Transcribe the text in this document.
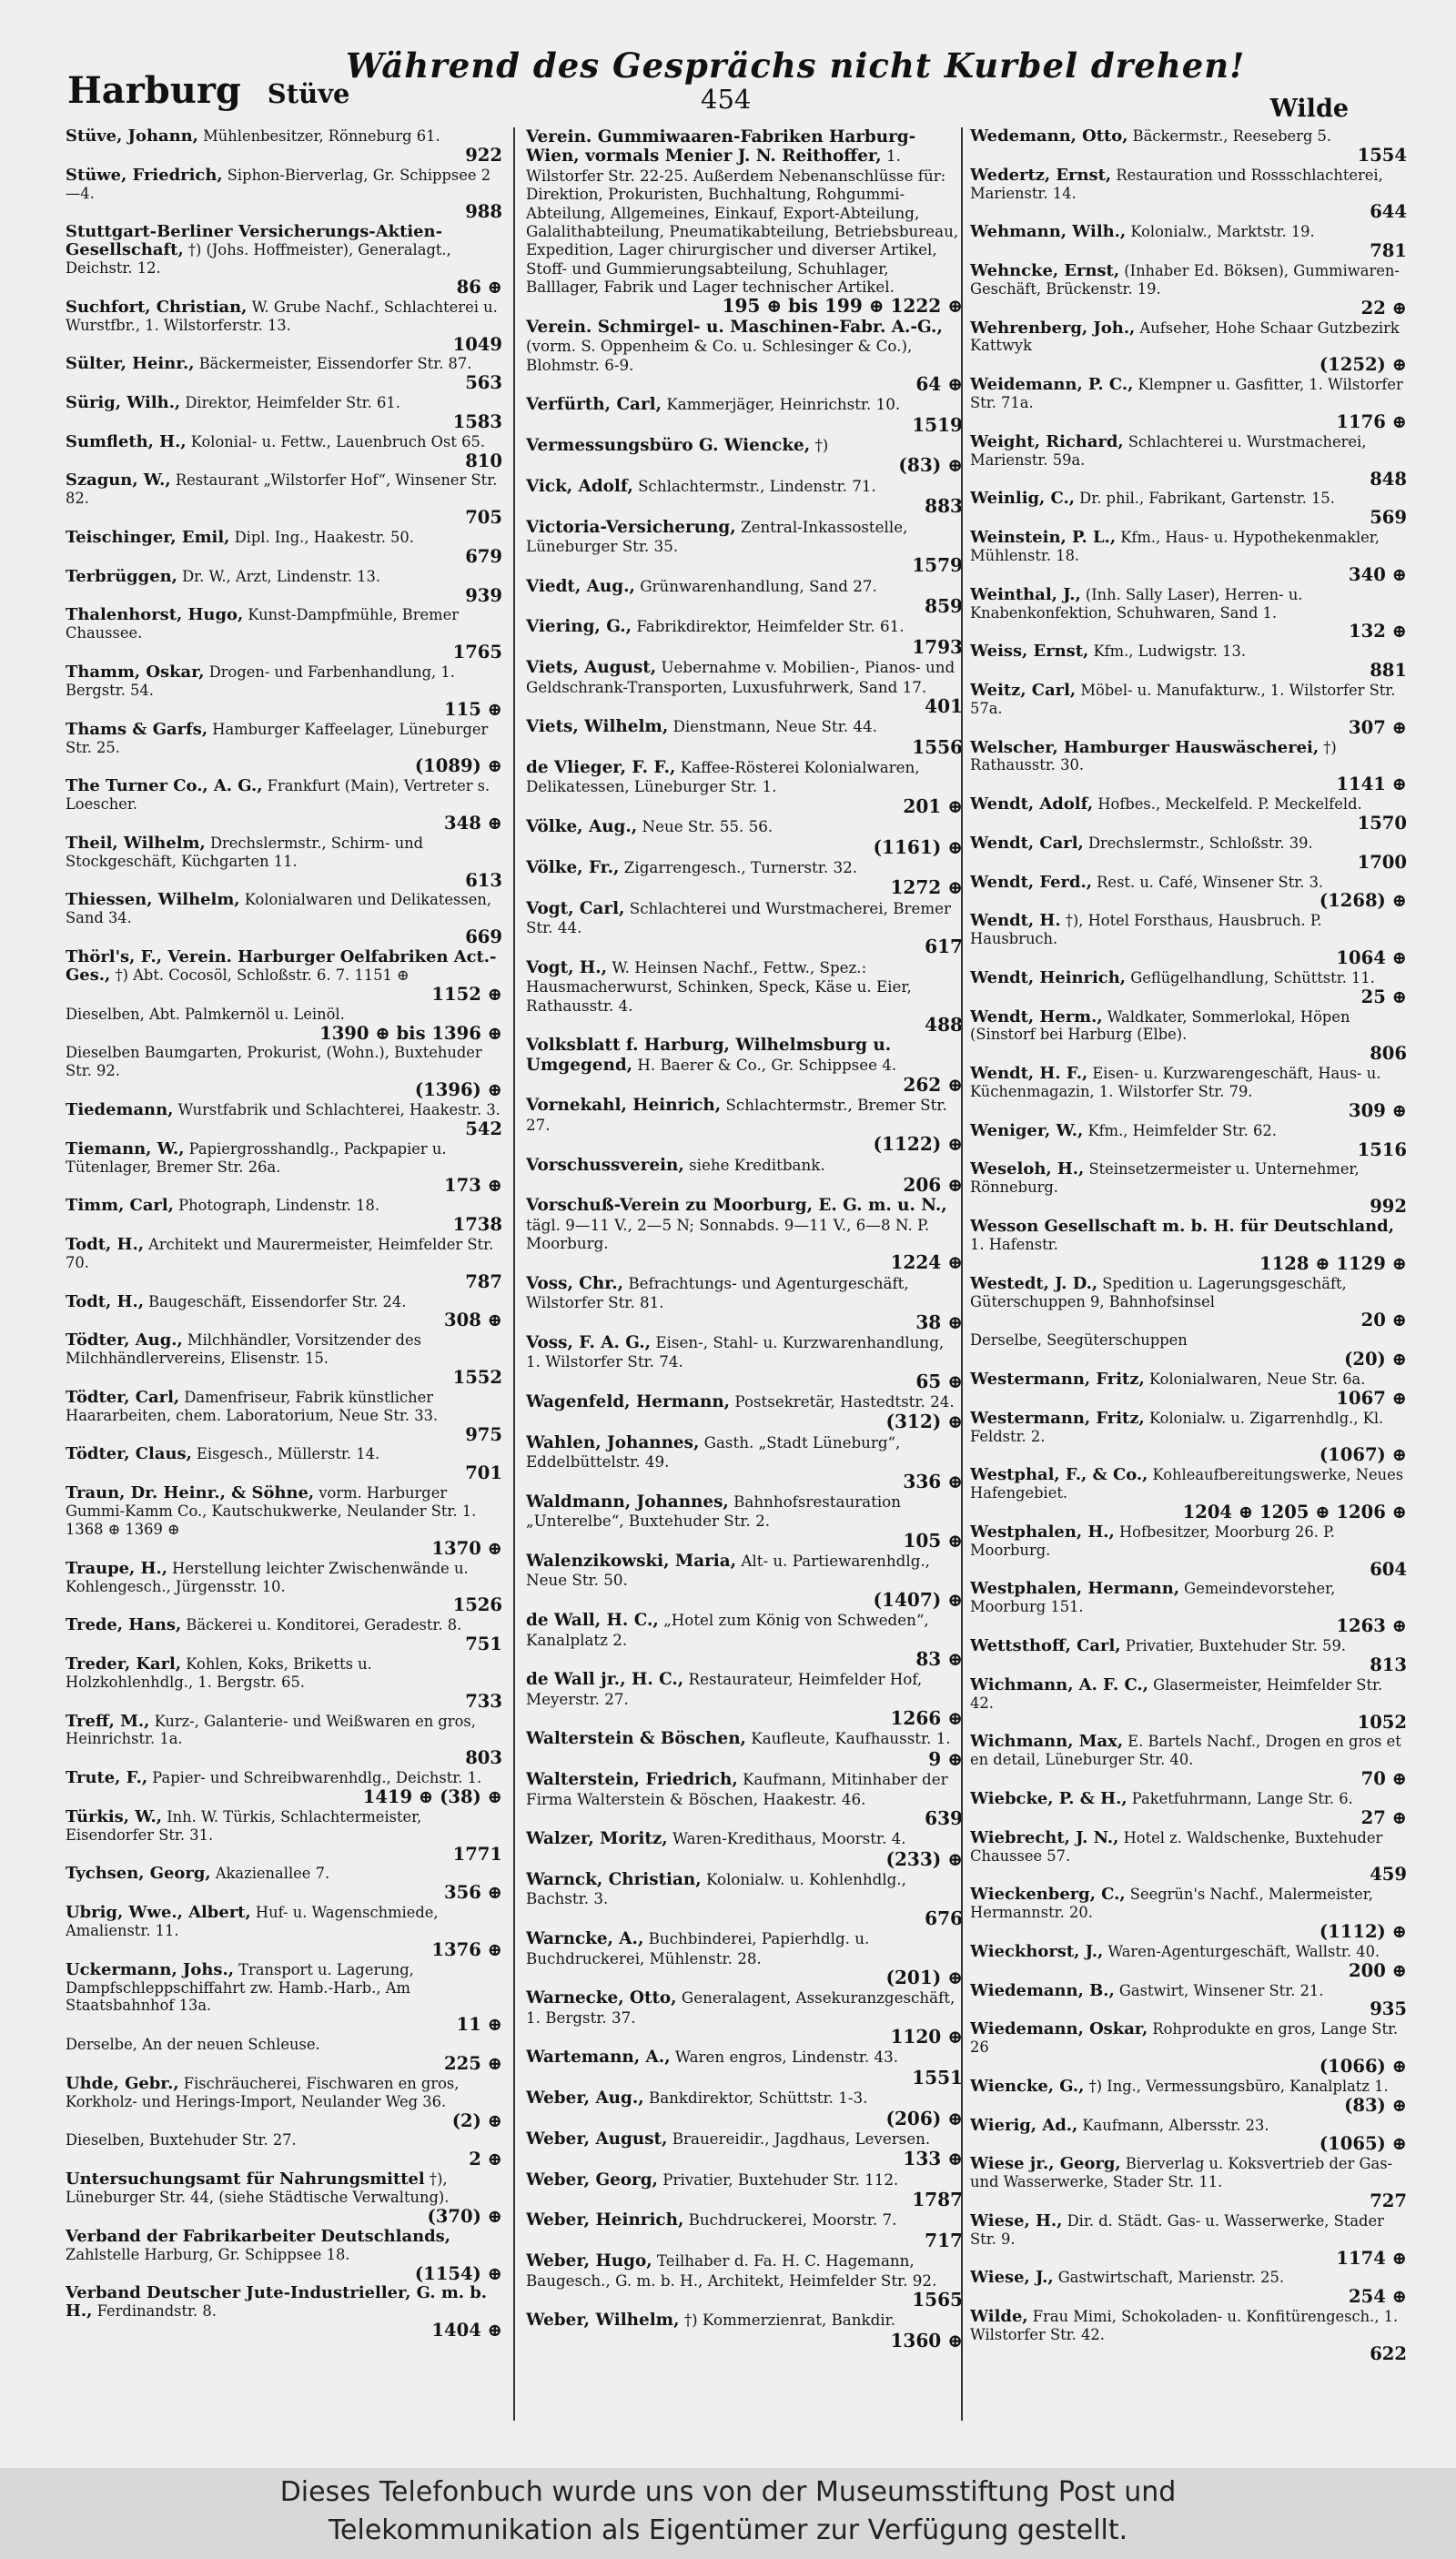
Harburg Stüve
Während des Gesprächs nicht Kurbel drehen!
454	Wilde

Stüve, Johann, Mühlenbesitzer, Rönneburg 61.
922

Stüwe, Friedrich, Siphon-Bierverlag, Gr. Schippsee 2—4.
988

Stuttgart-Berliner Versicherungs-Aktien-Gesellschaft, †) (Johs. Hoffmeister), Generalagt., Deichstr. 12.
86 ⊕

Suchfort, Christian, W. Grube Nachf., Schlachterei u. Wurstfbr., 1. Wilstorferstr. 13.
1049

Sülter, Heinr., Bäckermeister, Eissendorfer Str. 87.
563

Sürig, Wilh., Direktor, Heimfelder Str. 61.
1583

Sumfleth, H., Kolonial- u. Fettw., Lauenbruch Ost 65.
810

Szagun, W., Restaurant „Wilstorfer Hof“, Winsener Str. 82.
705

Teischinger, Emil, Dipl. Ing., Haakestr. 50.
679

Terbrüggen, Dr. W., Arzt, Lindenstr. 13.
939

Thalenhorst, Hugo, Kunst-Dampfmühle, Bremer Chaussee.
1765

Thamm, Oskar, Drogen- und Farbenhandlung, 1. Bergstr. 54.
115 ⊕

Thams & Garfs, Hamburger Kaffeelager, Lüneburger Str. 25.
(1089) ⊕

The Turner Co., A. G., Frankfurt (Main), Vertreter s. Loescher.
348 ⊕

Theil, Wilhelm, Drechslermstr., Schirm- und Stockgeschäft, Küchgarten 11.
613

Thiessen, Wilhelm, Kolonialwaren und Delikatessen, Sand 34.
669

Thörl's, F., Verein. Harburger Oelfabriken Act.-Ges., †) Abt. Cocosöl, Schloßstr. 6. 7. 1151 ⊕
1152 ⊕

Dieselben, Abt. Palmkernöl u. Leinöl.
1390 ⊕ bis 1396 ⊕

Dieselben Baumgarten, Prokurist, (Wohn.), Buxtehuder Str. 92.
(1396) ⊕

Tiedemann, Wurstfabrik und Schlachterei, Haakestr. 3.
542

Tiemann, W., Papiergrosshandlg., Packpapier u. Tütenlager, Bremer Str. 26a.
173 ⊕

Timm, Carl, Photograph, Lindenstr. 18.
1738

Todt, H., Architekt und Maurermeister, Heimfelder Str. 70.
787

Todt, H., Baugeschäft, Eissendorfer Str. 24.
308 ⊕

Tödter, Aug., Milchhändler, Vorsitzender des Milchhändlervereins, Elisenstr. 15.
1552

Tödter, Carl, Damenfriseur, Fabrik künstlicher Haararbeiten, chem. Laboratorium, Neue Str. 33.
975

Tödter, Claus, Eisgesch., Müllerstr. 14.
701

Traun, Dr. Heinr., & Söhne, vorm. Harburger Gummi-Kamm Co., Kautschukwerke, Neulander Str. 1. 1368 ⊕ 1369 ⊕
1370 ⊕

Traupe, H., Herstellung leichter Zwischenwände u. Kohlengesch., Jürgensstr. 10.
1526

Trede, Hans, Bäckerei u. Konditorei, Geradestr. 8.
751

Treder, Karl, Kohlen, Koks, Briketts u. Holzkohlenhdlg., 1. Bergstr. 65.
733

Treff, M., Kurz-, Galanterie- und Weißwaren en gros, Heinrichstr. 1a.
803

Trute, F., Papier- und Schreibwarenhdlg., Deichstr. 1.
1419 ⊕ (38) ⊕

Türkis, W., Inh. W. Türkis, Schlachtermeister, Eisendorfer Str. 31.
1771

Tychsen, Georg, Akazienallee 7.
356 ⊕

Ubrig, Wwe., Albert, Huf- u. Wagenschmiede, Amalienstr. 11.
1376 ⊕

Uckermann, Johs., Transport u. Lagerung, Dampfschleppschiffahrt zw. Hamb.-Harb., Am Staatsbahnhof 13a.
11 ⊕

Derselbe, An der neuen Schleuse.
225 ⊕

Uhde, Gebr., Fischräucherei, Fischwaren en gros, Korkholz- und Herings-Import, Neulander Weg 36.
(2) ⊕

Dieselben, Buxtehuder Str. 27.
2 ⊕

Untersuchungsamt für Nahrungsmittel †), Lüneburger Str. 44, (siehe Städtische Verwaltung).
(370) ⊕

Verband der Fabrikarbeiter Deutschlands, Zahlstelle Harburg, Gr. Schippsee 18.
(1154) ⊕

Verband Deutscher Jute-Industrieller, G. m. b. H., Ferdinandstr. 8.
1404 ⊕

Verein. Gummiwaaren-Fabriken Harburg-Wien, vormals Menier J. N. Reithoffer, 1. Wilstorfer Str. 22-25. Außerdem Nebenanschlüsse für: Direktion, Prokuristen, Buchhaltung, Rohgummi-Abteilung, Allgemeines, Einkauf, Export-Abteilung, Galalithabteilung, Pneumatikabteilung, Betriebsbureau, Expedition, Lager chirurgischer und diverser Artikel, Stoff- und Gummierungsabteilung, Schuhlager, Balllager, Fabrik und Lager technischer Artikel.
195 ⊕ bis 199 ⊕ 1222 ⊕

Verein. Schmirgel- u. Maschinen-Fabr. A.-G., (vorm. S. Oppenheim & Co. u. Schlesinger & Co.), Blohmstr. 6-9.
64 ⊕

Verfürth, Carl, Kammerjäger, Heinrichstr. 10.
1519

Vermessungsbüro G. Wiencke, †)
(83) ⊕

Vick, Adolf, Schlachtermstr., Lindenstr. 71.
883

Victoria-Versicherung, Zentral-Inkassostelle, Lüneburger Str. 35.
1579

Viedt, Aug., Grünwarenhandlung, Sand 27.
859

Viering, G., Fabrikdirektor, Heimfelder Str. 61.
1793

Viets, August, Uebernahme v. Mobilien-, Pianos- und Geldschrank-Transporten, Luxusfuhrwerk, Sand 17.
401

Viets, Wilhelm, Dienstmann, Neue Str. 44.
1556

de Vlieger, F. F., Kaffee-Rösterei Kolonialwaren, Delikatessen, Lüneburger Str. 1.
201 ⊕

Völke, Aug., Neue Str. 55. 56.
(1161) ⊕

Völke, Fr., Zigarrengesch., Turnerstr. 32.
1272 ⊕

Vogt, Carl, Schlachterei und Wurstmacherei, Bremer Str. 44.
617

Vogt, H., W. Heinsen Nachf., Fettw., Spez.: Hausmacherwurst, Schinken, Speck, Käse u. Eier, Rathausstr. 4.
488

Volksblatt f. Harburg, Wilhelmsburg u. Umgegend, H. Baerer & Co., Gr. Schippsee 4.
262 ⊕

Vornekahl, Heinrich, Schlachtermstr., Bremer Str. 27.
(1122) ⊕

Vorschussverein, siehe Kreditbank.
206 ⊕

Vorschuß-Verein zu Moorburg, E. G. m. u. N., tägl. 9—11 V., 2—5 N; Sonnabds. 9—11 V., 6—8 N. P. Moorburg.
1224 ⊕

Voss, Chr., Befrachtungs- und Agenturgeschäft, Wilstorfer Str. 81.
38 ⊕

Voss, F. A. G., Eisen-, Stahl- u. Kurzwarenhandlung, 1. Wilstorfer Str. 74.
65 ⊕

Wagenfeld, Hermann, Postsekretär, Hastedtstr. 24.
(312) ⊕

Wahlen, Johannes, Gasth. „Stadt Lüneburg“, Eddelbüttelstr. 49.
336 ⊕

Waldmann, Johannes, Bahnhofsrestauration „Unterelbe“, Buxtehuder Str. 2.
105 ⊕

Walenzikowski, Maria, Alt- u. Partiewarenhdlg., Neue Str. 50.
(1407) ⊕

de Wall, H. C., „Hotel zum König von Schweden“, Kanalplatz 2.
83 ⊕

de Wall jr., H. C., Restaurateur, Heimfelder Hof, Meyerstr. 27.
1266 ⊕

Walterstein & Böschen, Kaufleute, Kaufhausstr. 1.
9 ⊕

Walterstein, Friedrich, Kaufmann, Mitinhaber der Firma Walterstein & Böschen, Haakestr. 46.
639

Walzer, Moritz, Waren-Kredithaus, Moorstr. 4.
(233) ⊕

Warnck, Christian, Kolonialw. u. Kohlenhdlg., Bachstr. 3.
676

Warncke, A., Buchbinderei, Papierhdlg. u. Buchdruckerei, Mühlenstr. 28.
(201) ⊕

Warnecke, Otto, Generalagent, Assekuranzgeschäft, 1. Bergstr. 37.
1120 ⊕

Wartemann, A., Waren engros, Lindenstr. 43.
1551

Weber, Aug., Bankdirektor, Schüttstr. 1-3.
(206) ⊕

Weber, August, Brauereidir., Jagdhaus, Leversen.
133 ⊕

Weber, Georg, Privatier, Buxtehuder Str. 112.
1787

Weber, Heinrich, Buchdruckerei, Moorstr. 7.
717

Weber, Hugo, Teilhaber d. Fa. H. C. Hagemann, Baugesch., G. m. b. H., Architekt, Heimfelder Str. 92.
1565

Weber, Wilhelm, †) Kommerzienrat, Bankdir.
1360 ⊕

Wedemann, Otto, Bäckermstr., Reeseberg 5.
1554

Wedertz, Ernst, Restauration und Rossschlachterei, Marienstr. 14.
644

Wehmann, Wilh., Kolonialw., Marktstr. 19.
781

Wehncke, Ernst, (Inhaber Ed. Böksen), Gummiwaren-Geschäft, Brückenstr. 19.
22 ⊕

Wehrenberg, Joh., Aufseher, Hohe Schaar Gutzbezirk Kattwyk
(1252) ⊕

Weidemann, P. C., Klempner u. Gasfitter, 1. Wilstorfer Str. 71a.
1176 ⊕

Weight, Richard, Schlachterei u. Wurstmacherei, Marienstr. 59a.
848

Weinlig, C., Dr. phil., Fabrikant, Gartenstr. 15.
569

Weinstein, P. L., Kfm., Haus- u. Hypothekenmakler, Mühlenstr. 18.
340 ⊕

Weinthal, J., (Inh. Sally Laser), Herren- u. Knabenkonfektion, Schuhwaren, Sand 1.
132 ⊕

Weiss, Ernst, Kfm., Ludwigstr. 13.
881

Weitz, Carl, Möbel- u. Manufakturw., 1. Wilstorfer Str. 57a.
307 ⊕

Welscher, Hamburger Hauswäscherei, †) Rathausstr. 30.
1141 ⊕

Wendt, Adolf, Hofbes., Meckelfeld. P. Meckelfeld.
1570

Wendt, Carl, Drechslermstr., Schloßstr. 39.
1700

Wendt, Ferd., Rest. u. Café, Winsener Str. 3.
(1268) ⊕

Wendt, H. †), Hotel Forsthaus, Hausbruch. P. Hausbruch.
1064 ⊕

Wendt, Heinrich, Geflügelhandlung, Schüttstr. 11.
25 ⊕

Wendt, Herm., Waldkater, Sommerlokal, Höpen (Sinstorf bei Harburg (Elbe).
806

Wendt, H. F., Eisen- u. Kurzwarengeschäft, Haus- u. Küchenmagazin, 1. Wilstorfer Str. 79.
309 ⊕

Weniger, W., Kfm., Heimfelder Str. 62.
1516

Weseloh, H., Steinsetzermeister u. Unternehmer, Rönneburg.
992

Wesson Gesellschaft m. b. H. für Deutschland, 1. Hafenstr.
1128 ⊕ 1129 ⊕

Westedt, J. D., Spedition u. Lagerungsgeschäft, Güterschuppen 9, Bahnhofsinsel
20 ⊕

Derselbe, Seegüterschuppen
(20) ⊕

Westermann, Fritz, Kolonialwaren, Neue Str. 6a.
1067 ⊕

Westermann, Fritz, Kolonialw. u. Zigarrenhdlg., Kl. Feldstr. 2.
(1067) ⊕

Westphal, F., & Co., Kohleaufbereitungswerke, Neues Hafengebiet.
1204 ⊕ 1205 ⊕ 1206 ⊕

Westphalen, H., Hofbesitzer, Moorburg 26. P. Moorburg.
604

Westphalen, Hermann, Gemeindevorsteher, Moorburg 151.
1263 ⊕

Wettsthoff, Carl, Privatier, Buxtehuder Str. 59.
813

Wichmann, A. F. C., Glasermeister, Heimfelder Str. 42.
1052

Wichmann, Max, E. Bartels Nachf., Drogen en gros et en detail, Lüneburger Str. 40.
70 ⊕

Wiebcke, P. & H., Paketfuhrmann, Lange Str. 6.
27 ⊕

Wiebrecht, J. N., Hotel z. Waldschenke, Buxtehuder Chaussee 57.
459

Wieckenberg, C., Seegrün's Nachf., Malermeister, Hermannstr. 20.
(1112) ⊕

Wieckhorst, J., Waren-Agenturgeschäft, Wallstr. 40.
200 ⊕

Wiedemann, B., Gastwirt, Winsener Str. 21.
935

Wiedemann, Oskar, Rohprodukte en gros, Lange Str. 26
(1066) ⊕

Wiencke, G., †) Ing., Vermessungsbüro, Kanalplatz 1.
(83) ⊕

Wierig, Ad., Kaufmann, Albersstr. 23.
(1065) ⊕

Wiese jr., Georg, Bierverlag u. Koksvertrieb der Gas- und Wasserwerke, Stader Str. 11.
727

Wiese, H., Dir. d. Städt. Gas- u. Wasserwerke, Stader Str. 9.
1174 ⊕

Wiese, J., Gastwirtschaft, Marienstr. 25.
254 ⊕

Wilde, Frau Mimi, Schokoladen- u. Konfitürengesch., 1. Wilstorfer Str. 42.
622

Dieses Telefonbuch wurde uns von der Museumsstiftung Post und
Telekommunikation als Eigentümer zur Verfügung gestellt.
